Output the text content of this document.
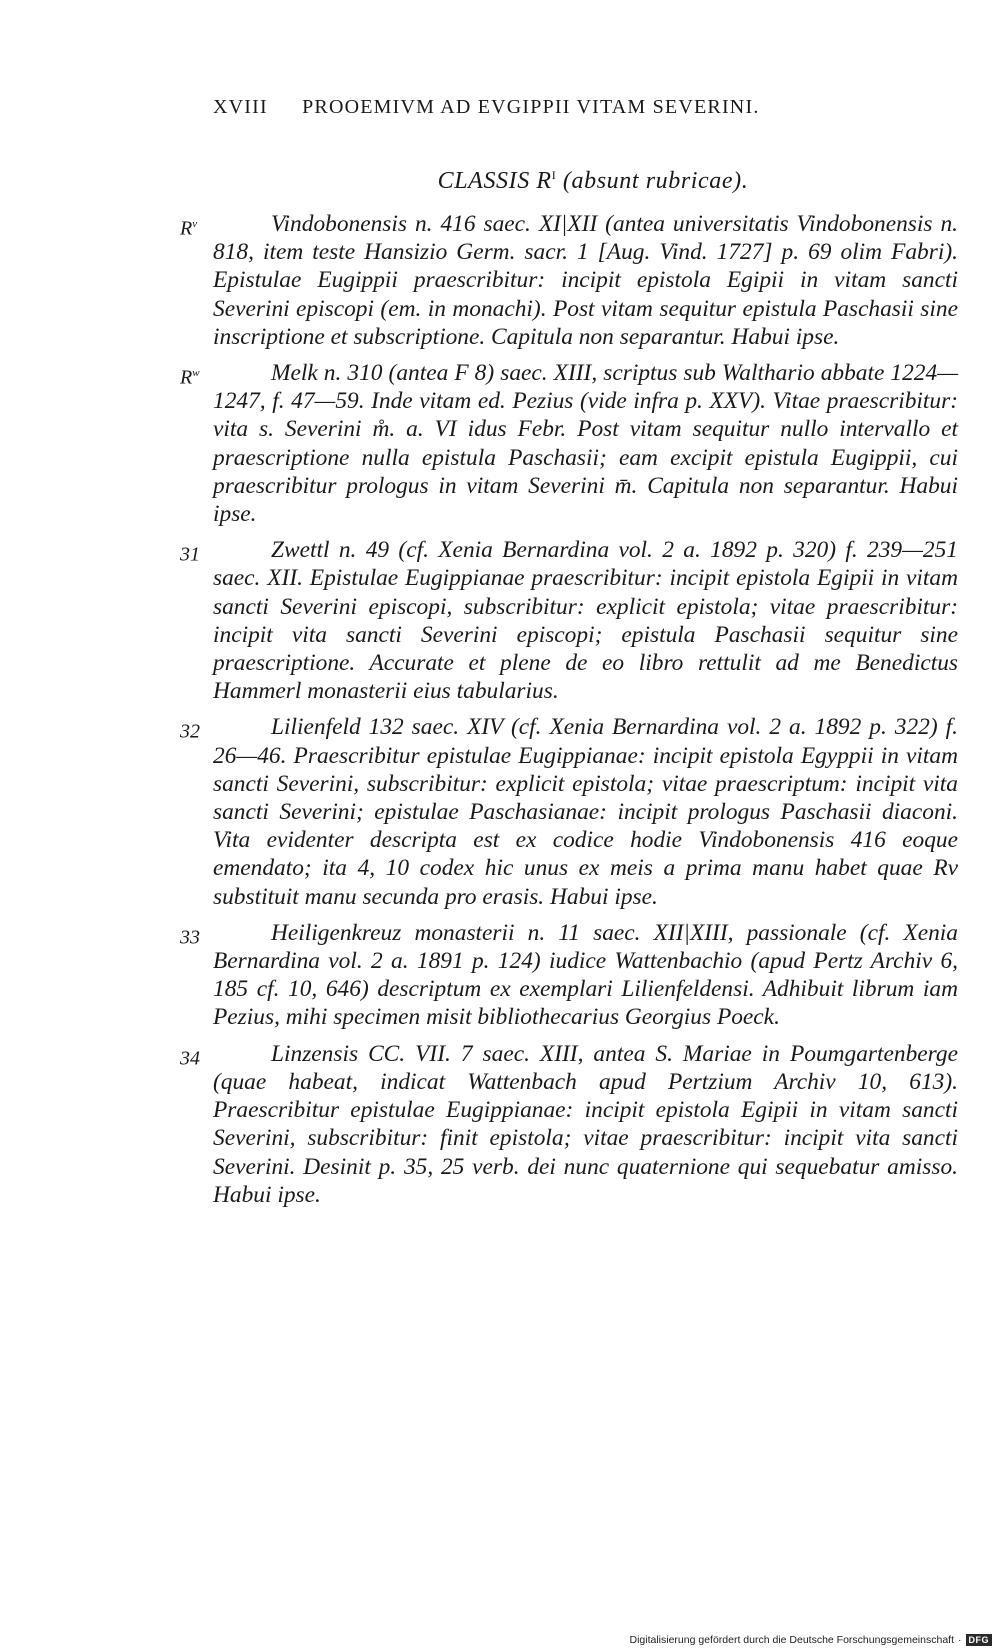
XVIII PROOEMIVM AD EVGIPPII VITAM SEVERINI.
CLASSIS $R^I$ (absunt rubricae).
$R^v$	Vindobonensis n. 416 saec. XI|XII (antea universitatis Vindobonensis n. 818, item teste Hansizio Germ. sacr. 1 [Aug. Vind. 1727] p. 69 olim Fabri). Epistulae Eugippii praescribitur: incipit epistola Egipii in vitam sancti Severini episcopi (em. in monachi). Post vitam sequitur epistula Paschasii sine inscriptione et subscriptione. Capitula non separantur. Habui ipse.
$R^w$	Melk n. 310 (antea F 8) saec. XIII, scriptus sub Walthario abbate 1224—1247, f. 47—59. Inde vitam ed. Pezius (vide infra p. XXV). Vitae praescribitur: vita s. Severini m̊. a. VI idus Febr. Post vitam sequitur nullo intervallo et praescriptione nulla epistula Paschasii; eam excipit epistula Eugippii, cui praescribitur prologus in vitam Severini m̄. Capitula non separantur. Habui ipse.
31	Zwettl n. 49 (cf. Xenia Bernardina vol. 2 a. 1892 p. 320) f. 239—251 saec. XII. Epistulae Eugippianae praescribitur: incipit epistola Egipii in vitam sancti Severini episcopi, subscribitur: explicit epistola; vitae praescribitur: incipit vita sancti Severini episcopi; epistula Paschasii sequitur sine praescriptione. Accurate et plene de eo libro rettulit ad me Benedictus Hammerl monasterii eius tabularius.
32	Lilienfeld 132 saec. XIV (cf. Xenia Bernardina vol. 2 a. 1892 p. 322) f. 26—46. Praescribitur epistulae Eugippianae: incipit epistola Egyppii in vitam sancti Severini, subscribitur: explicit epistola; vitae praescriptum: incipit vita sancti Severini; epistulae Paschasianae: incipit prologus Paschasii diaconi. Vita evidenter descripta est ex codice hodie Vindobonensis 416 eoque emendato; ita 4, 10 codex hic unus ex meis a prima manu habet quae Rv substituit manu secunda pro erasis. Habui ipse.
33	Heiligenkreuz monasterii n. 11 saec. XII|XIII, passionale (cf. Xenia Bernardina vol. 2 a. 1891 p. 124) iudice Wattenbachio (apud Pertz Archiv 6, 185 cf. 10, 646) descriptum ex exemplari Lilienfeldensi. Adhibuit librum iam Pezius, mihi specimen misit bibliothecarius Georgius Poeck.
34	Linzensis CC. VII. 7 saec. XIII, antea S. Mariae in Poumgartenberge (quae habeat, indicat Wattenbach apud Pertzium Archiv 10, 613). Praescribitur epistulae Eugippianae: incipit epistola Egipii in vitam sancti Severini, subscribitur: finit epistola; vitae praescribitur: incipit vita sancti Severini. Desinit p. 35, 25 verb. dei nunc quaternione qui sequebatur amisso. Habui ipse.
Digitalisierung gefördert durch die Deutsche Forschungsgemeinschaft · DFG
